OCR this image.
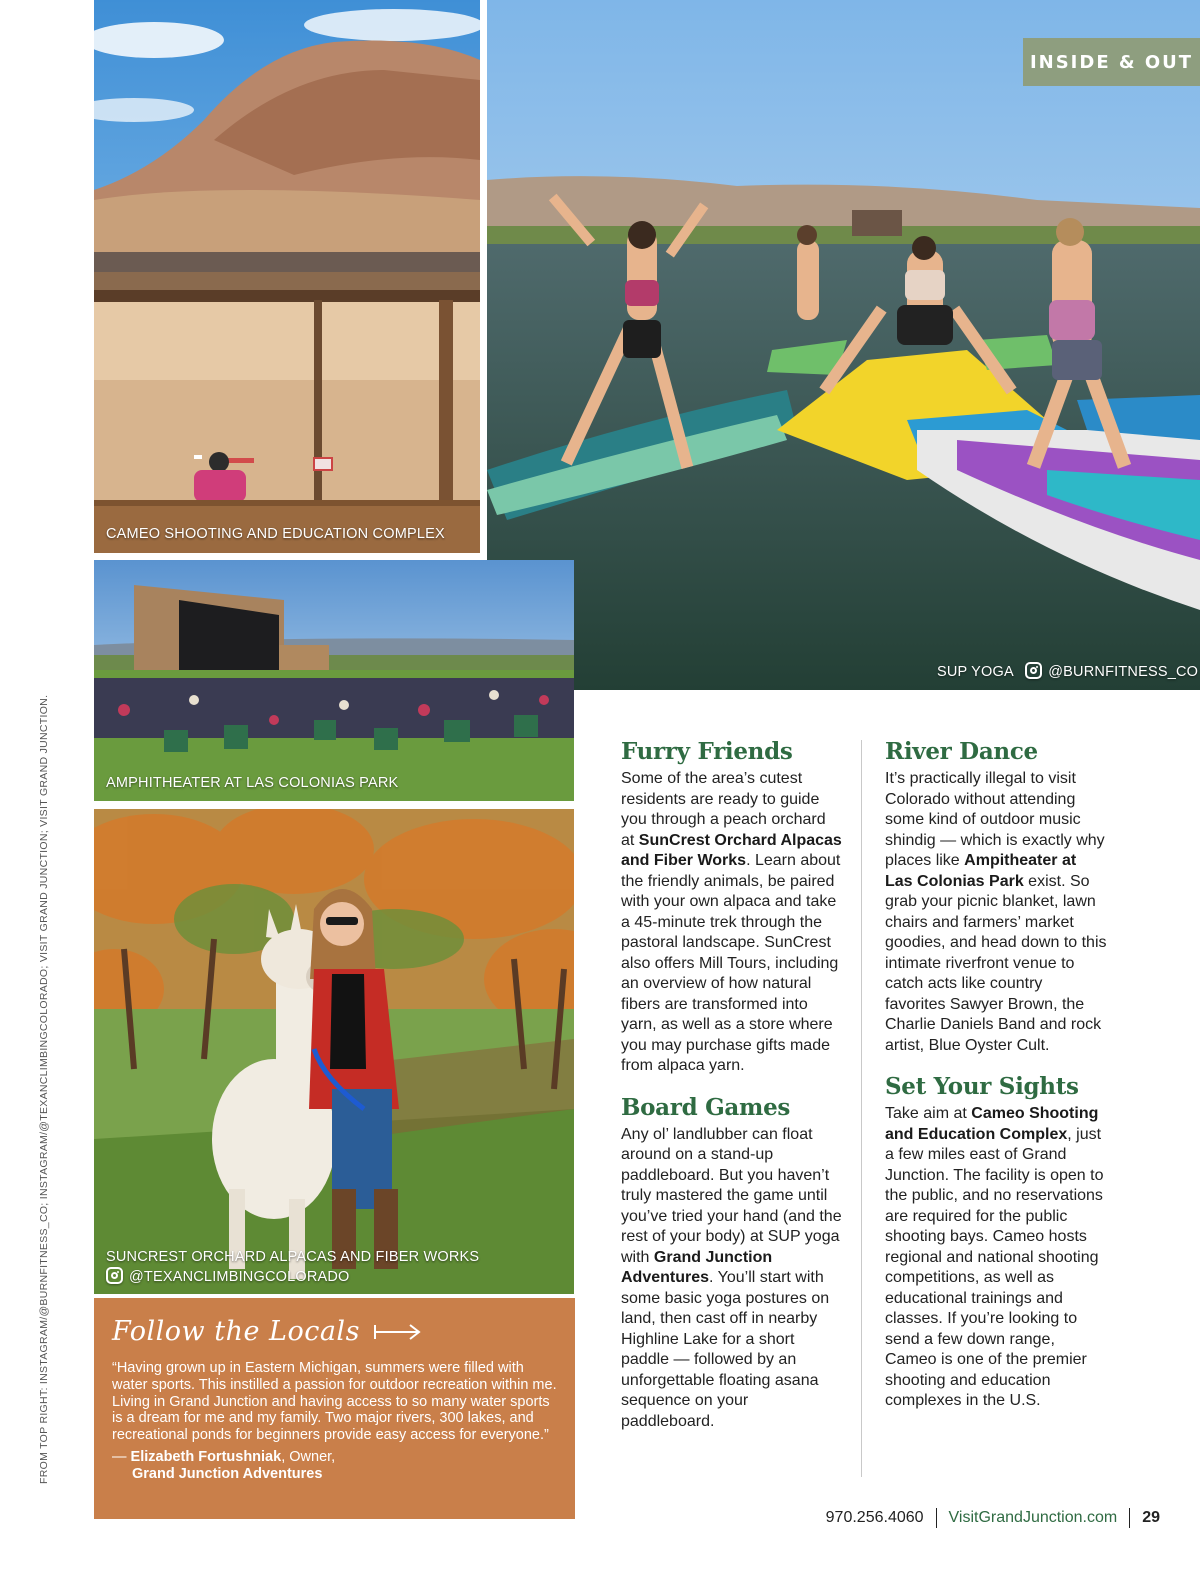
CAMEO SHOOTING AND EDUCATION COMPLEX
SUP YOGA @BURNFITNESS_CO
INSIDE & OUT
AMPHITHEATER AT LAS COLONIAS PARK
SUNCREST ORCHARD ALPACAS AND FIBER WORKS
@TEXANCLIMBINGCOLORADO
Follow the Locals
“Having grown up in Eastern Michigan, summers were filled with water sports. This instilled a passion for outdoor recreation within me. Living in Grand Junction and having access to so many water sports is a dream for me and my family. Two major rivers, 300 lakes, and recreational ponds for beginners provide easy access for everyone.”
— Elizabeth Fortushniak, Owner,
Grand Junction Adventures
FROM TOP RIGHT: INSTAGRAM/@BURNFITNESS_CO; INSTAGRAM/@TEXANCLIMBINGCOLORADO; VISIT GRAND JUNCTION; VISIT GRAND JUNCTION.	Furry Friends

Some of the area’s cutest residents are ready to guide you through a peach orchard at SunCrest Orchard Alpacas and Fiber Works. Learn about the friendly animals, be paired with your own alpaca and take a 45-minute trek through the pastoral landscape. SunCrest also offers Mill Tours, including an overview of how natural fibers are transformed into yarn, as well as a store where you may purchase gifts made from alpaca yarn.

Board Games

Any ol’ landlubber can float around on a stand-up paddleboard. But you haven’t truly mastered the game until you’ve tried your hand (and the rest of your body) at SUP yoga with Grand Junction Adventures. You’ll start with some basic yoga postures on land, then cast off in nearby Highline Lake for a short paddle — followed by an unforgettable floating asana sequence on your paddleboard.

River Dance

It’s practically illegal to visit Colorado without attending some kind of outdoor music shindig — which is exactly why places like Ampitheater at Las Colonias Park exist. So grab your picnic blanket, lawn chairs and farmers’ market goodies, and head down to this intimate riverfront venue to catch acts like country favorites Sawyer Brown, the Charlie Daniels Band and rock artist, Blue Oyster Cult.

Set Your Sights

Take aim at Cameo Shooting and Education Complex, just a few miles east of Grand Junction. The facility is open to the public, and no reservations are required for the public shooting bays. Cameo hosts regional and national shooting competitions, as well as educational trainings and classes. If you’re looking to send a few down range, Cameo is one of the premier shooting and education complexes in the U.S.

970.256.4060 VisitGrandJunction.com 29
